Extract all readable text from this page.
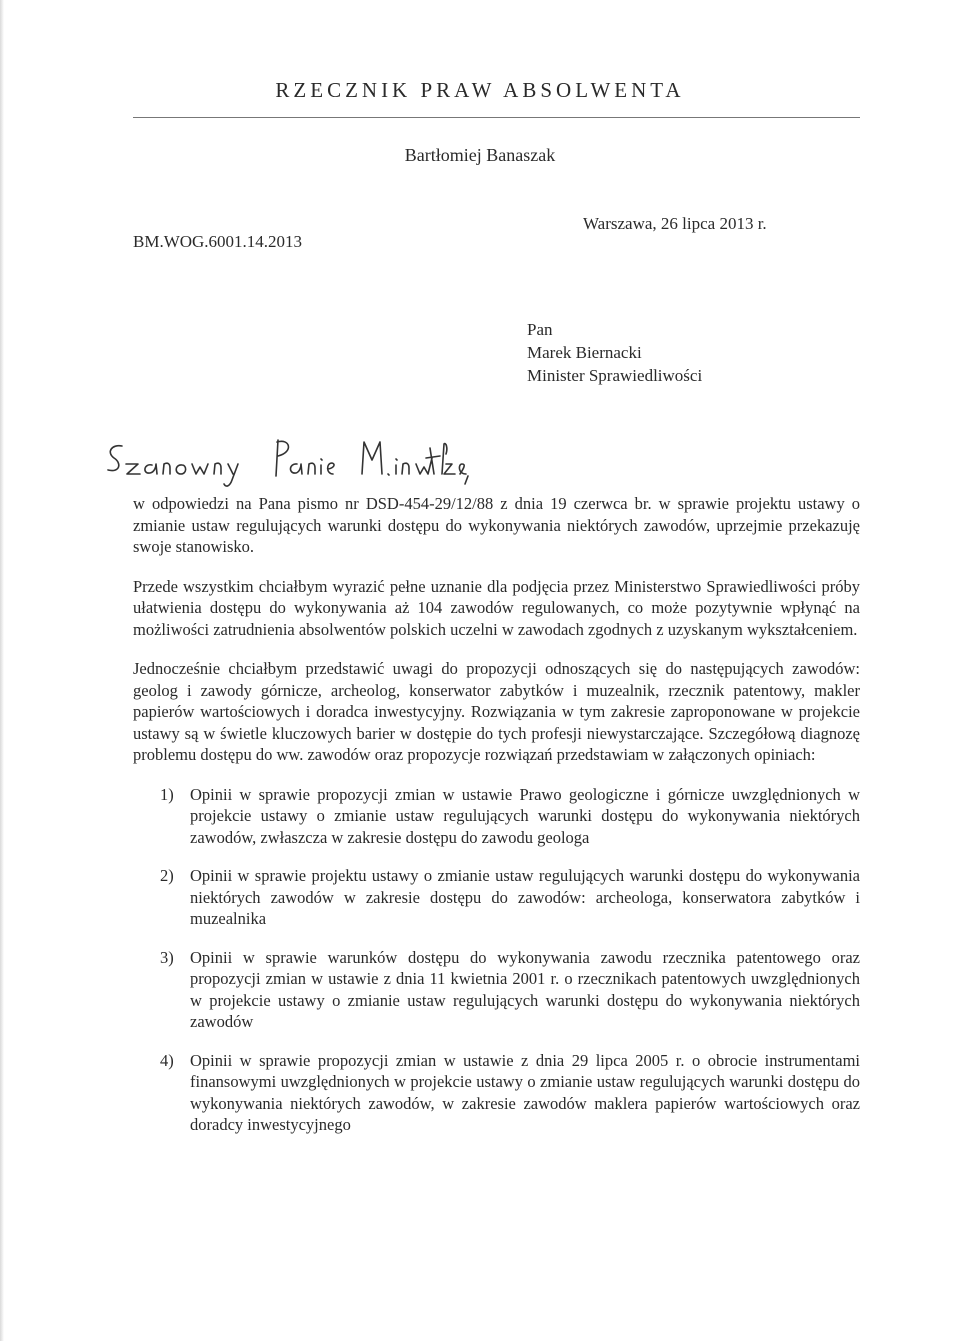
RZECZNIK PRAW ABSOLWENTA
Bartłomiej Banaszak
Warszawa, 26 lipca 2013 r.
BM.WOG.6001.14.2013
Pan
Marek Biernacki
Minister Sprawiedliwości
Szanowny Panie Ministrze,

w odpowiedzi na Pana pismo nr DSD-454-29/12/88 z dnia 19 czerwca br. w sprawie projektu ustawy o zmianie ustaw regulujących warunki dostępu do wykonywania niektórych zawodów, uprzejmie przekazuję swoje stanowisko.

Przede wszystkim chciałbym wyrazić pełne uznanie dla podjęcia przez Ministerstwo Sprawiedliwości próby ułatwienia dostępu do wykonywania aż 104 zawodów regulowanych, co może pozytywnie wpłynąć na możliwości zatrudnienia absolwentów polskich uczelni w zawodach zgodnych z uzyskanym wykształceniem.

Jednocześnie chciałbym przedstawić uwagi do propozycji odnoszących się do następujących zawodów: geolog i zawody górnicze, archeolog, konserwator zabytków i muzealnik, rzecznik patentowy, makler papierów wartościowych i doradca inwestycyjny. Rozwiązania w tym zakresie zaproponowane w projekcie ustawy są w świetle kluczowych barier w dostępie do tych profesji niewystarczające. Szczegółową diagnozę problemu dostępu do ww. zawodów oraz propozycje rozwiązań przedstawiam w załączonych opiniach:

1) Opinii w sprawie propozycji zmian w ustawie Prawo geologiczne i górnicze uwzględnionych w projekcie ustawy o zmianie ustaw regulujących warunki dostępu do wykonywania niektórych zawodów, zwłaszcza w zakresie dostępu do zawodu geologa
2) Opinii w sprawie projektu ustawy o zmianie ustaw regulujących warunki dostępu do wykonywania niektórych zawodów w zakresie dostępu do zawodów: archeologa, konserwatora zabytków i muzealnika
3) Opinii w sprawie warunków dostępu do wykonywania zawodu rzecznika patentowego oraz propozycji zmian w ustawie z dnia 11 kwietnia 2001 r. o rzecznikach patentowych uwzględnionych w projekcie ustawy o zmianie ustaw regulujących warunki dostępu do wykonywania niektórych zawodów
4) Opinii w sprawie propozycji zmian w ustawie z dnia 29 lipca 2005 r. o obrocie instrumentami finansowymi uwzględnionych w projekcie ustawy o zmianie ustaw regulujących warunki dostępu do wykonywania niektórych zawodów, w zakresie zawodów maklera papierów wartościowych oraz doradcy inwestycyjnego
